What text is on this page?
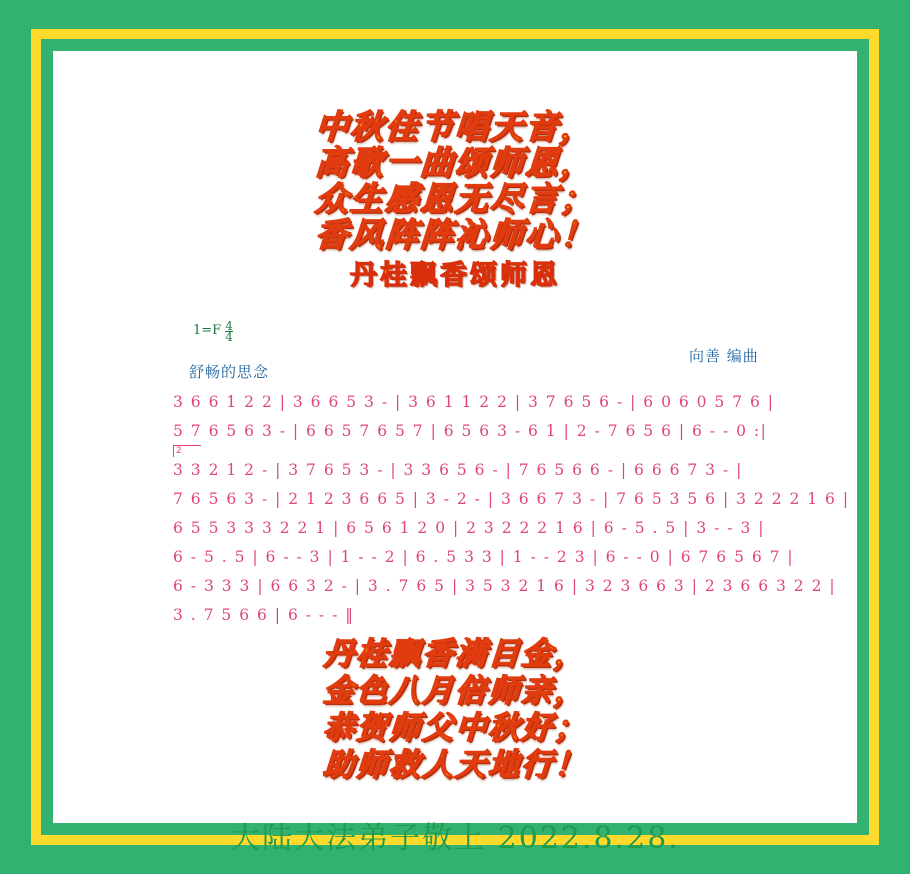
中秋佳节唱天音，
高歌一曲颂师恩，
众生感恩无尽言；
香风阵阵沁师心！
丹桂飘香颂师恩
$1=F \frac{4}{4}$
舒畅的思念
向善 编曲
3 6 6 1 2 2 | 3 6 6 5 3 - | 3 6 1 1 2 2 | 3 7 6 5 6 - | 6 0 6 0 5 7 6 |
5 7 6 5 6 3 - | 6 6 5 7 6 5 7 | 6 5 6 3 - 6 1 | 2 - 7 6 5 6 | 6 - - 0 :|
2
3 3 2 1 2 - | 3 7 6 5 3 - | 3 3 6 5 6 - | 7 6 5 6 6 - | 6 6 6 7 3 - |
7 6 5 6 3 - | 2 1 2 3 6 6 5 | 3 - 2 - | 3 6 6 7 3 - | 7 6 5 3 5 6 | 3 2 2 2 1 6 |
6 5 5 3 3 3 2 2 1 | 6 5 6 1 2 0 | 2 3 2 2 2 1 6 | 6 - 5 . 5 | 3 - - 3 |
6 - 5 . 5 | 6 - - 3 | 1 - - 2 | 6 . 5 3 3 | 1 - - 2 3 | 6 - - 0 | 6 7 6 5 6 7 |
6 - 3 3 3 | 6 6 3 2 - | 3 . 7 6 5 | 3 5 3 2 1 6 | 3 2 3 6 6 3 | 2 3 6 6 3 2 2 |
3 . 7 5 6 6 | 6 - - - ‖
丹桂飘香满目金，
金色八月倍师亲，
恭贺师父中秋好；
助师救人天地行！
大陆大法弟子敬上 2022.8.28.
